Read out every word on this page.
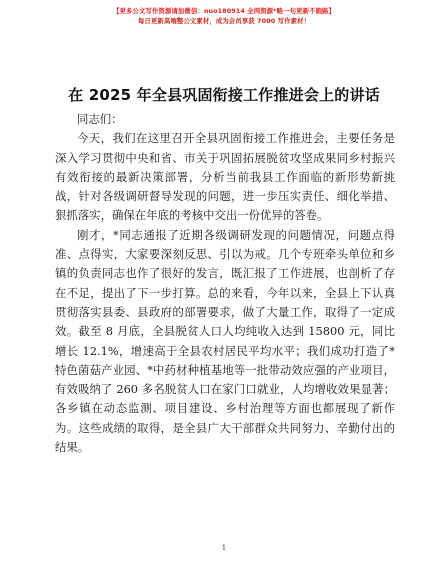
【更多公文写作资源请加微信：nuo180914 全网资源*略一句更新不跑路】
每日更新高端整公文素材，成为会员享获 7000 写作素材！
在 2025 年全县巩固衔接工作推进会上的讲话

同志们：

今天，我们在这里召开全县巩固衔接工作推进会，主要任务是深入学习贯彻中央和省、市关于巩固拓展脱贫攻坚成果同乡村振兴有效衔接的最新决策部署，分析当前我县工作面临的新形势新挑战，针对各级调研督导发现的问题，进一步压实责任、细化举措、狠抓落实，确保在年底的考核中交出一份优异的答卷。

刚才，*同志通报了近期各级调研发现的问题情况，问题点得准、点得实，大家要深刻反思、引以为戒。几个专班牵头单位和乡镇的负责同志也作了很好的发言，既汇报了工作进展，也剖析了存在不足，提出了下一步打算。总的来看，今年以来，全县上下认真贯彻落实县委、县政府的部署要求，做了大量工作，取得了一定成效。截至 8 月底，全县脱贫人口人均纯收入达到 15800 元，同比增长 12.1%，增速高于全县农村居民平均水平；我们成功打造了*特色菌菇产业园、*中药材种植基地等一批带动效应强的产业项目，有效吸纳了 260 多名脱贫人口在家门口就业，人均增收效果显著；各乡镇在动态监测、项目建设、乡村治理等方面也都展现了新作为。这些成绩的取得，是全县广大干部群众共同努力、辛勤付出的结果。

1
